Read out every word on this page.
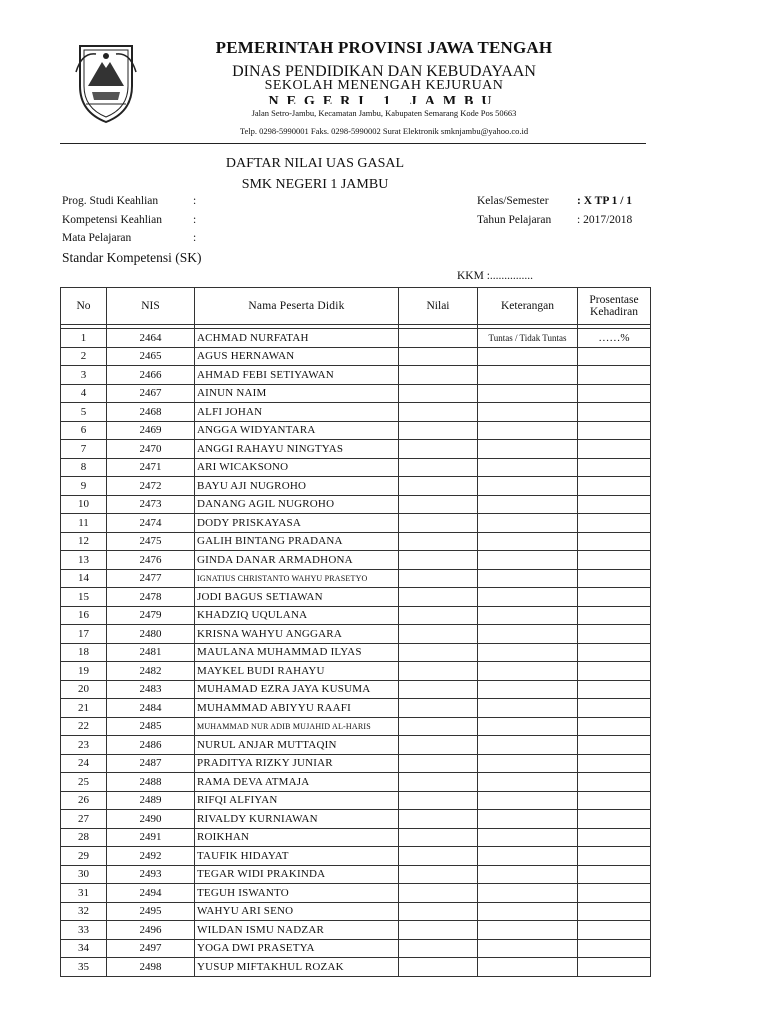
SEKOLAH MENENGAH KEJURUAN
NEGERI 1 JAMBU
PEMERINTAH PROVINSI JAWA TENGAH
DINAS PENDIDIKAN DAN KEBUDAYAAN
Jalan Setro-Jambu, Kecamatan Jambu, Kabupaten Semarang Kode Pos 50663
Telp. 0298-5990001 Faks. 0298-5990002 Surat Elektronik smknjambu@yahoo.co.id
DAFTAR NILAI UAS GASAL
SMK NEGERI 1 JAMBU
Prog. Studi Keahlian	:
Kompetensi Keahlian	:
Mata Pelajaran	:
Standar Kompetensi (SK)
Kelas/Semester : X TP 1 / 1
Tahun Pelajaran : 2017/2018
KKM :...............
No	NIS	Nama Peserta Didik	Nilai	Keterangan	Prosentase
Kehadiran

1	2464	ACHMAD NURFATAH		Tuntas / Tidak Tuntas	……%
2	2465	AGUS HERNAWAN			
3	2466	AHMAD FEBI SETIYAWAN			
4	2467	AINUN NAIM			
5	2468	ALFI JOHAN			
6	2469	ANGGA WIDYANTARA			
7	2470	ANGGI RAHAYU NINGTYAS			
8	2471	ARI WICAKSONO			
9	2472	BAYU AJI NUGROHO			
10	2473	DANANG AGIL NUGROHO			
11	2474	DODY PRISKAYASA			
12	2475	GALIH BINTANG PRADANA			
13	2476	GINDA DANAR ARMADHONA			
14	2477	IGNATIUS CHRISTANTO WAHYU PRASETYO			
15	2478	JODI BAGUS SETIAWAN			
16	2479	KHADZIQ UQULANA			
17	2480	KRISNA WAHYU ANGGARA			
18	2481	MAULANA MUHAMMAD ILYAS			
19	2482	MAYKEL BUDI RAHAYU			
20	2483	MUHAMAD EZRA JAYA KUSUMA			
21	2484	MUHAMMAD ABIYYU RAAFI			
22	2485	MUHAMMAD NUR ADIB MUJAHID AL-HARIS			
23	2486	NURUL ANJAR MUTTAQIN			
24	2487	PRADITYA RIZKY JUNIAR			
25	2488	RAMA DEVA ATMAJA			
26	2489	RIFQI ALFIYAN			
27	2490	RIVALDY KURNIAWAN			
28	2491	ROIKHAN			
29	2492	TAUFIK HIDAYAT			
30	2493	TEGAR WIDI PRAKINDA			
31	2494	TEGUH ISWANTO			
32	2495	WAHYU ARI SENO			
33	2496	WILDAN ISMU NADZAR			
34	2497	YOGA DWI PRASETYA			
35	2498	YUSUP MIFTAKHUL ROZAK			
